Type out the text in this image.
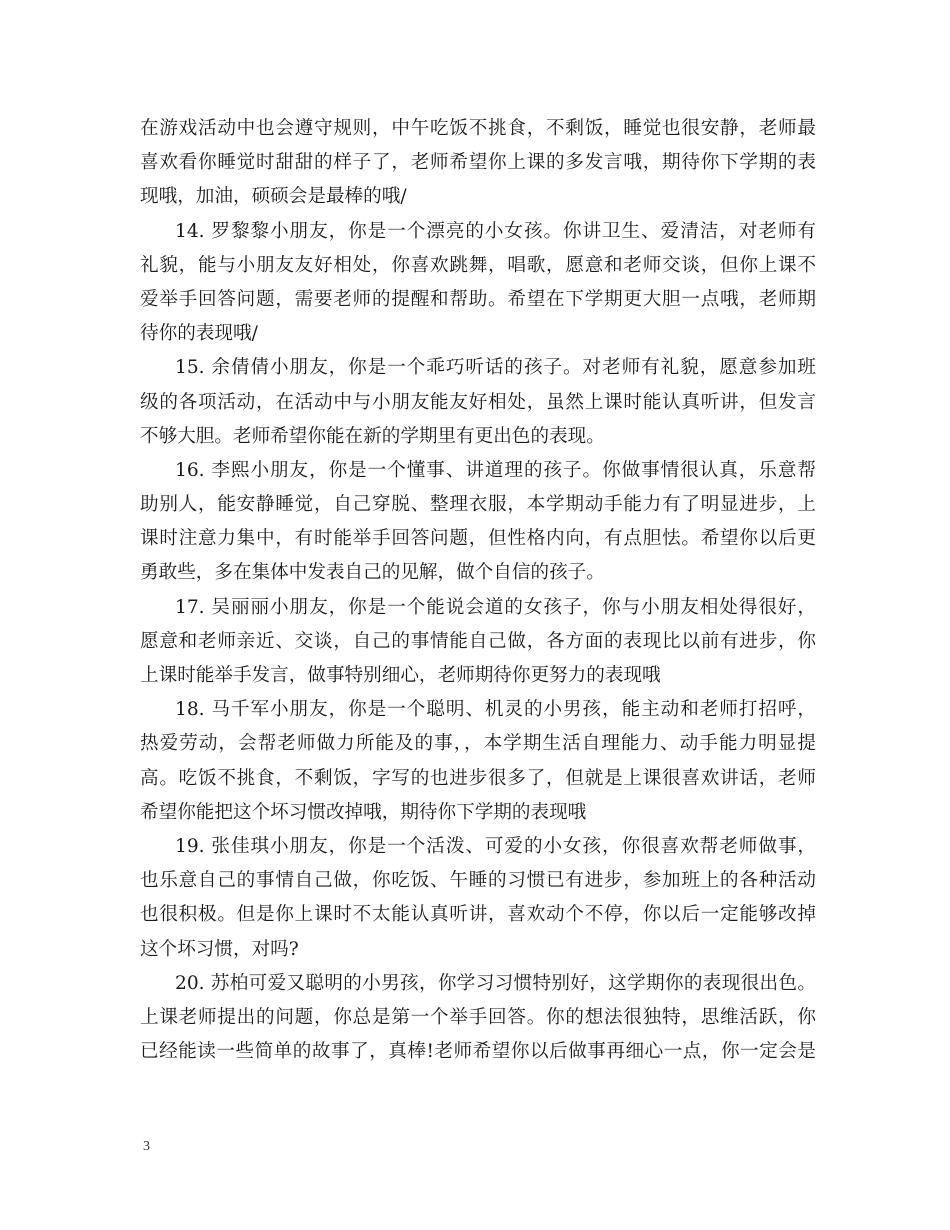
在游戏活动中也会遵守规则，中午吃饭不挑食，不剩饭，睡觉也很安静，老师最
喜欢看你睡觉时甜甜的样子了，老师希望你上课的多发言哦，期待你下学期的表
现哦，加油，硕硕会是最棒的哦/
14. 罗黎黎小朋友，你是一个漂亮的小女孩。你讲卫生、爱清洁，对老师有
礼貌，能与小朋友友好相处，你喜欢跳舞，唱歌，愿意和老师交谈，但你上课不
爱举手回答问题，需要老师的提醒和帮助。希望在下学期更大胆一点哦，老师期
待你的表现哦/
15. 余倩倩小朋友，你是一个乖巧听话的孩子。对老师有礼貌，愿意参加班
级的各项活动，在活动中与小朋友能友好相处，虽然上课时能认真听讲，但发言
不够大胆。老师希望你能在新的学期里有更出色的表现。
16. 李熙小朋友，你是一个懂事、讲道理的孩子。你做事情很认真，乐意帮
助别人，能安静睡觉，自己穿脱、整理衣服，本学期动手能力有了明显进步，上
课时注意力集中，有时能举手回答问题，但性格内向，有点胆怯。希望你以后更
勇敢些，多在集体中发表自己的见解，做个自信的孩子。
17. 吴丽丽小朋友，你是一个能说会道的女孩子，你与小朋友相处得很好，
愿意和老师亲近、交谈，自己的事情能自己做，各方面的表现比以前有进步，你
上课时能举手发言，做事特别细心，老师期待你更努力的表现哦
18. 马千军小朋友，你是一个聪明、机灵的小男孩，能主动和老师打招呼，
热爱劳动，会帮老师做力所能及的事，，本学期生活自理能力、动手能力明显提
高。吃饭不挑食，不剩饭，字写的也进步很多了，但就是上课很喜欢讲话，老师
希望你能把这个坏习惯改掉哦，期待你下学期的表现哦
19. 张佳琪小朋友，你是一个活泼、可爱的小女孩，你很喜欢帮老师做事，
也乐意自己的事情自己做，你吃饭、午睡的习惯已有进步，参加班上的各种活动
也很积极。但是你上课时不太能认真听讲，喜欢动个不停，你以后一定能够改掉
这个坏习惯，对吗?
20. 苏柏可爱又聪明的小男孩，你学习习惯特别好，这学期你的表现很出色。
上课老师提出的问题，你总是第一个举手回答。你的想法很独特，思维活跃，你
已经能读一些简单的故事了，真棒!老师希望你以后做事再细心一点，你一定会是
3
